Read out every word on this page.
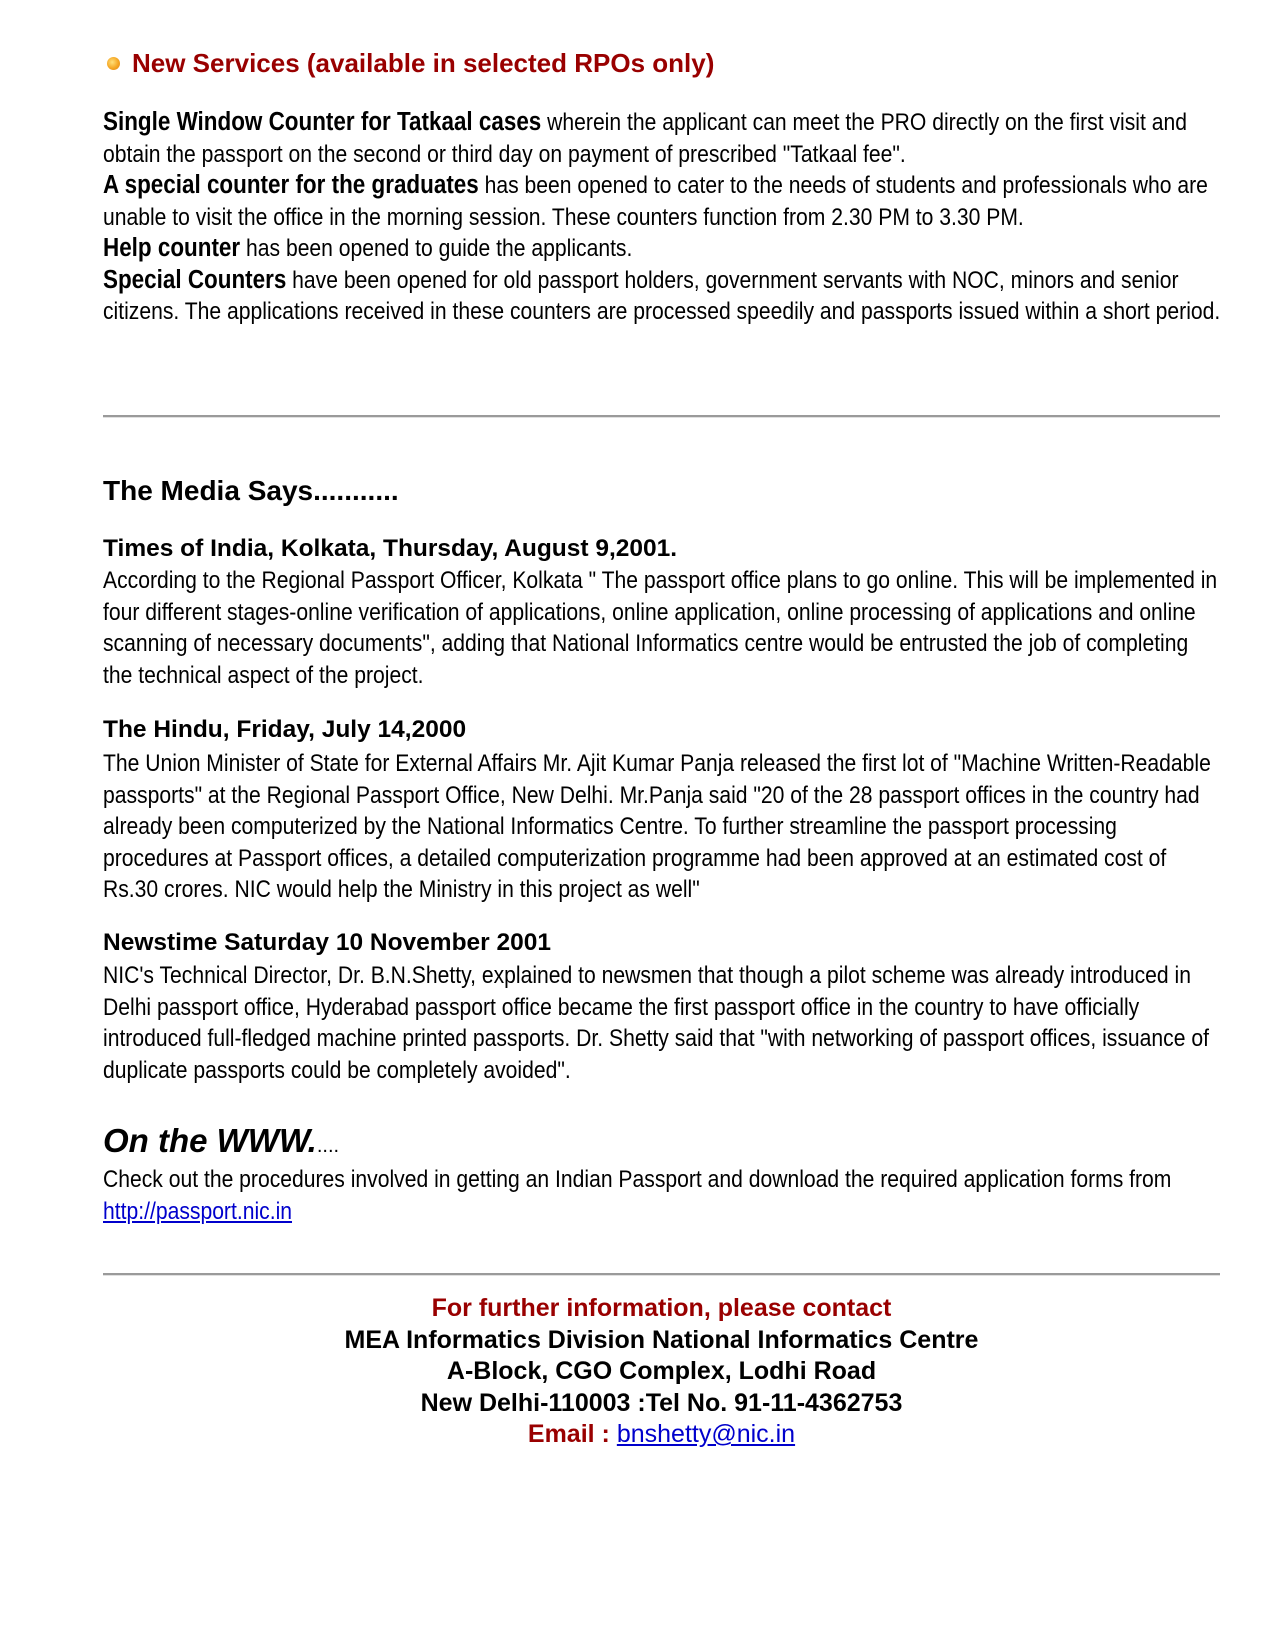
New Services (available in selected RPOs only)
Single Window Counter for Tatkaal cases wherein the applicant can meet the PRO directly on the first visit and obtain the passport on the second or third day on payment of prescribed "Tatkaal fee".
A special counter for the graduates has been opened to cater to the needs of students and professionals who are unable to visit the office in the morning session. These counters function from 2.30 PM to 3.30 PM.
Help counter has been opened to guide the applicants.
Special Counters have been opened for old passport holders, government servants with NOC, minors and senior citizens. The applications received in these counters are processed speedily and passports issued within a short period.
The Media Says...........
Times of India, Kolkata, Thursday, August 9,2001.
According to the Regional Passport Officer, Kolkata " The passport office plans to go online. This will be implemented in four different stages-online verification of applications, online application, online processing of applications and online scanning of necessary documents", adding that National Informatics centre would be entrusted the job of completing the technical aspect of the project.
The Hindu, Friday, July 14,2000
The Union Minister of State for External Affairs Mr. Ajit Kumar Panja released the first lot of "Machine Written-Readable passports" at the Regional Passport Office, New Delhi. Mr.Panja said "20 of the 28 passport offices in the country had already been computerized by the National Informatics Centre. To further streamline the passport processing procedures at Passport offices, a detailed computerization programme had been approved at an estimated cost of Rs.30 crores. NIC would help the Ministry in this project as well"
Newstime Saturday 10 November 2001
NIC's Technical Director, Dr. B.N.Shetty, explained to newsmen that though a pilot scheme was already introduced in Delhi passport office, Hyderabad passport office became the first passport office in the country to have officially introduced full-fledged machine printed passports. Dr. Shetty said that "with networking of passport offices, issuance of duplicate passports could be completely avoided".
On the WWW.....
Check out the procedures involved in getting an Indian Passport and download the required application forms from
http://passport.nic.in
For further information, please contact
MEA Informatics Division National Informatics Centre
A-Block, CGO Complex, Lodhi Road
New Delhi-110003 :Tel No. 91-11-4362753
Email : bnshetty@nic.in
